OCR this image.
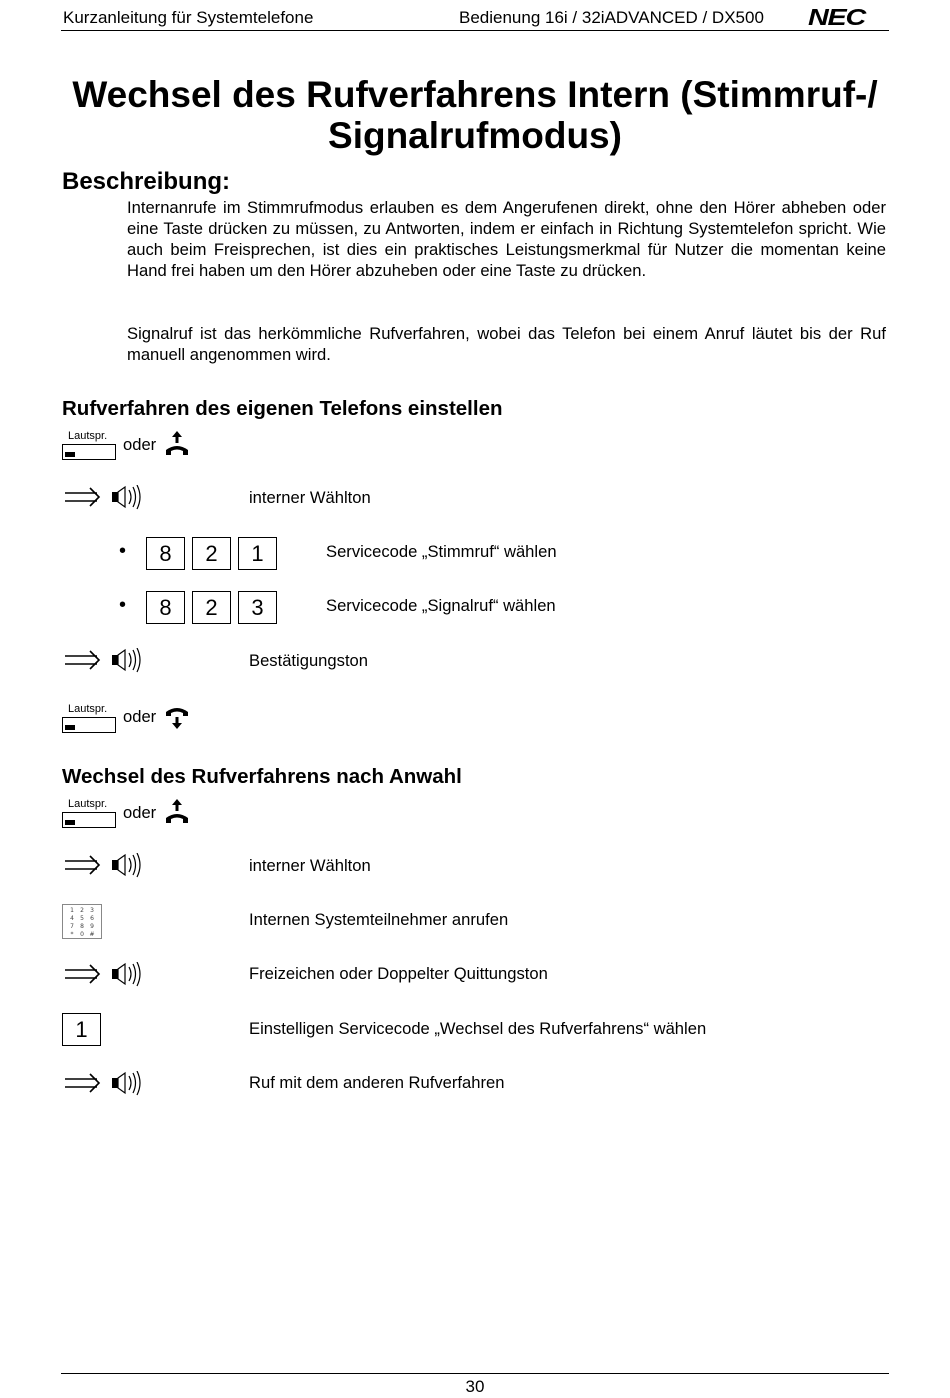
Kurzanleitung für Systemtelefone	Bedienung 16i / 32iADVANCED / DX500 NEC
Wechsel des Rufverfahrens Intern (Stimmruf-/ Signalrufmodus)
Beschreibung:

Internanrufe im Stimmrufmodus erlauben es dem Angerufenen direkt, ohne den Hörer abheben oder eine Taste drücken zu müssen, zu Antworten, indem er einfach in Richtung Systemtelefon spricht. Wie auch beim Freisprechen, ist dies ein praktisches Leistungsmerkmal für Nutzer die momentan keine Hand frei haben um den Hörer abzuheben oder eine Taste zu drücken.

Signalruf ist das herkömmliche Rufverfahren, wobei das Telefon bei einem Anruf läutet bis der Ruf manuell angenommen wird.

Rufverfahren des eigenen Telefons einstellen
Lautspr. oder
interner Wählton
•	8	2	1	Servicecode „Stimmruf“ wählen
•	8	2	3	Servicecode „Signalruf“ wählen
Bestätigungston
Lautspr. oder
Wechsel des Rufverfahrens nach Anwahl
Lautspr. oder
interner Wählton
1 2 3
4 5 6
7 8 9
* 0 #
Internen Systemteilnehmer anrufen
Freizeichen oder Doppelter Quittungston
1	Einstelligen Servicecode „Wechsel des Rufverfahrens“ wählen
Ruf mit dem anderen Rufverfahren
30
